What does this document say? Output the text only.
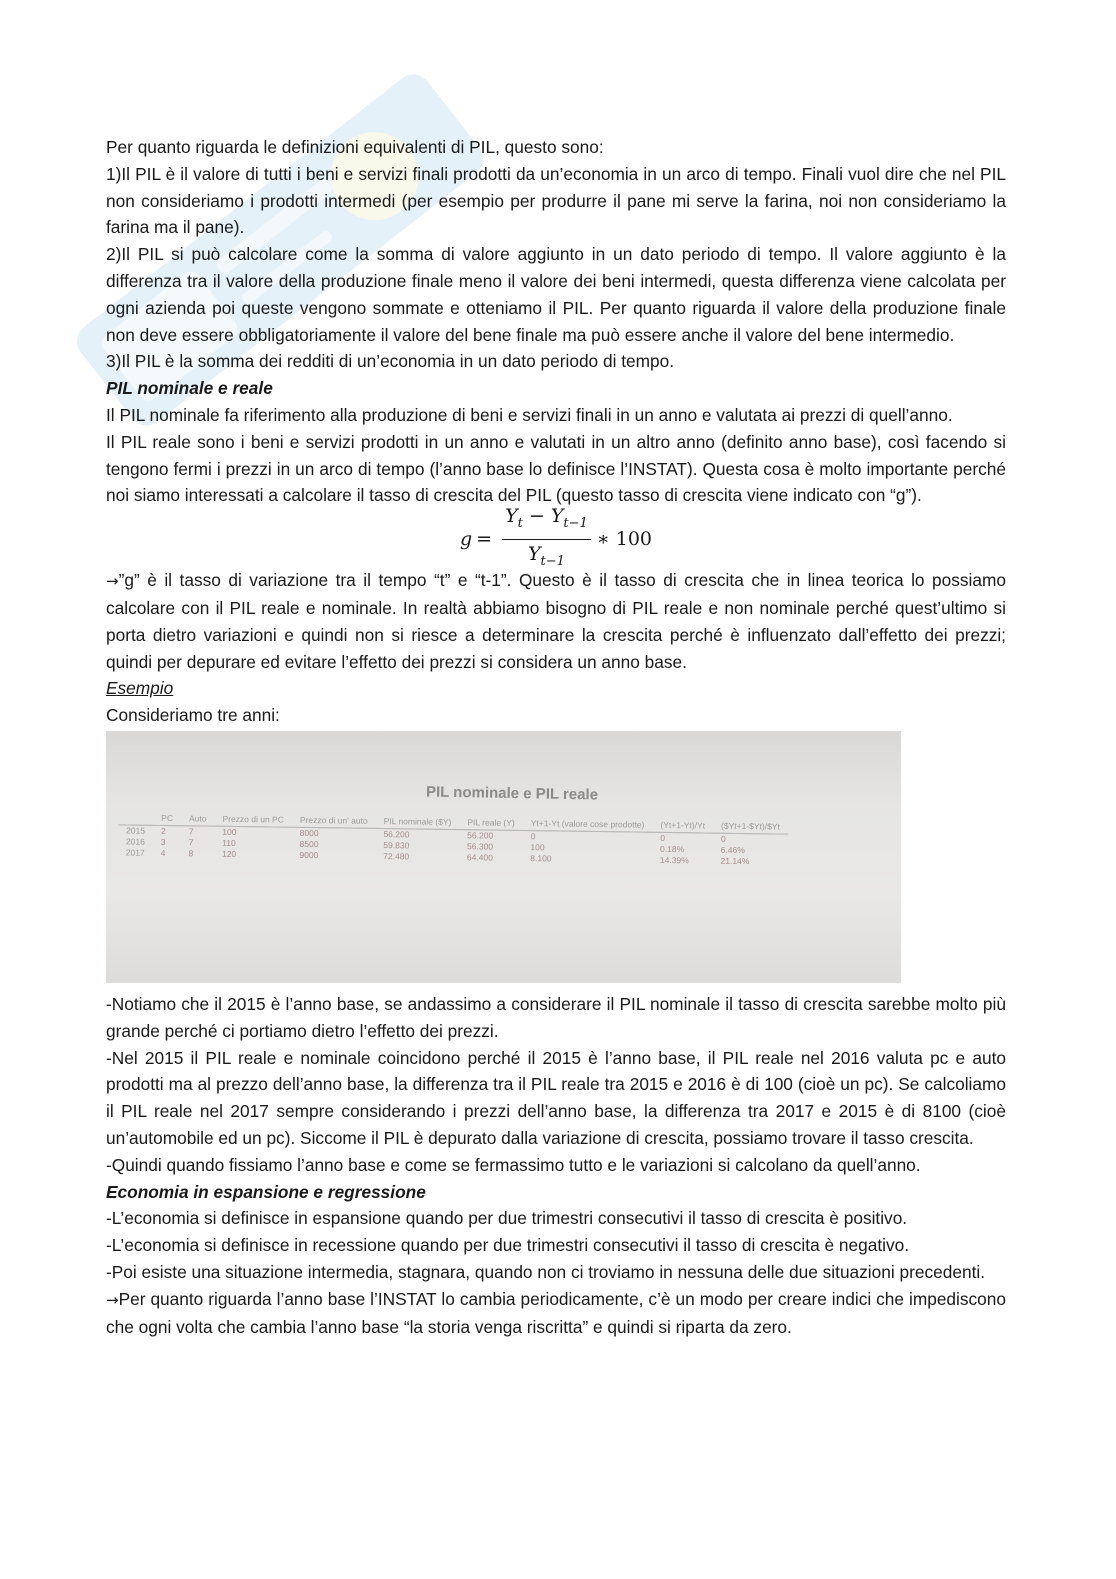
Per quanto riguarda le definizioni equivalenti di PIL, questo sono:

1)Il PIL è il valore di tutti i beni e servizi finali prodotti da un’economia in un arco di tempo. Finali vuol dire che nel PIL non consideriamo i prodotti intermedi (per esempio per produrre il pane mi serve la farina, noi non consideriamo la farina ma il pane).

2)Il PIL si può calcolare come la somma di valore aggiunto in un dato periodo di tempo. Il valore aggiunto è la differenza tra il valore della produzione finale meno il valore dei beni intermedi, questa differenza viene calcolata per ogni azienda poi queste vengono sommate e otteniamo il PIL. Per quanto riguarda il valore della produzione finale non deve essere obbligatoriamente il valore del bene finale ma può essere anche il valore del bene intermedio.

3)Il PIL è la somma dei redditi di un’economia in un dato periodo di tempo.

PIL nominale e reale

Il PIL nominale fa riferimento alla produzione di beni e servizi finali in un anno e valutata ai prezzi di quell’anno.

Il PIL reale sono i beni e servizi prodotti in un anno e valutati in un altro anno (definito anno base), così facendo si tengono fermi i prezzi in un arco di tempo (l’anno base lo definisce l’INSTAT). Questa cosa è molto importante perché noi siamo interessati a calcolare il tasso di crescita del PIL (questo tasso di crescita viene indicato con “g”).

$g = \frac{Y_t - Y_{t-1}}{Y_{t-1}}$ ∗ 100

→”g” è il tasso di variazione tra il tempo “t” e “t-1”. Questo è il tasso di crescita che in linea teorica lo possiamo calcolare con il PIL reale e nominale. In realtà abbiamo bisogno di PIL reale e non nominale perché quest’ultimo si porta dietro variazioni e quindi non si riesce a determinare la crescita perché è influenzato dall’effetto dei prezzi; quindi per depurare ed evitare l’effetto dei prezzi si considera un anno base.

Esempio

Consideriamo tre anni:

PIL nominale e PIL reale
	PC	Auto	Prezzo di un PC	Prezzo di un' auto	PIL nominale ($Y)	PIL reale (Y)	Yt+1-Yt (valore cose prodotte)	(Yt+1-Yt)/Yt	($Yt+1-$Yt)/$Yt
2015	2	7	100	8000	56.200	56.200	0	0	0
2016	3	7	110	8500	59.830	56.300	100	0.18%	6.46%
2017	4	8	120	9000	72.480	64.400	8.100	14.39%	21.14%

-Notiamo che il 2015 è l’anno base, se andassimo a considerare il PIL nominale il tasso di crescita sarebbe molto più grande perché ci portiamo dietro l’effetto dei prezzi.

-Nel 2015 il PIL reale e nominale coincidono perché il 2015 è l’anno base, il PIL reale nel 2016 valuta pc e auto prodotti ma al prezzo dell’anno base, la differenza tra il PIL reale tra 2015 e 2016 è di 100 (cioè un pc). Se calcoliamo il PIL reale nel 2017 sempre considerando i prezzi dell’anno base, la differenza tra 2017 e 2015 è di 8100 (cioè un’automobile ed un pc). Siccome il PIL è depurato dalla variazione di crescita, possiamo trovare il tasso crescita.

-Quindi quando fissiamo l’anno base e come se fermassimo tutto e le variazioni si calcolano da quell’anno.

Economia in espansione e regressione

-L’economia si definisce in espansione quando per due trimestri consecutivi il tasso di crescita è positivo.

-L’economia si definisce in recessione quando per due trimestri consecutivi il tasso di crescita è negativo.

-Poi esiste una situazione intermedia, stagnara, quando non ci troviamo in nessuna delle due situazioni precedenti.

→Per quanto riguarda l’anno base l’INSTAT lo cambia periodicamente, c’è un modo per creare indici che impediscono che ogni volta che cambia l’anno base “la storia venga riscritta” e quindi si riparta da zero.
